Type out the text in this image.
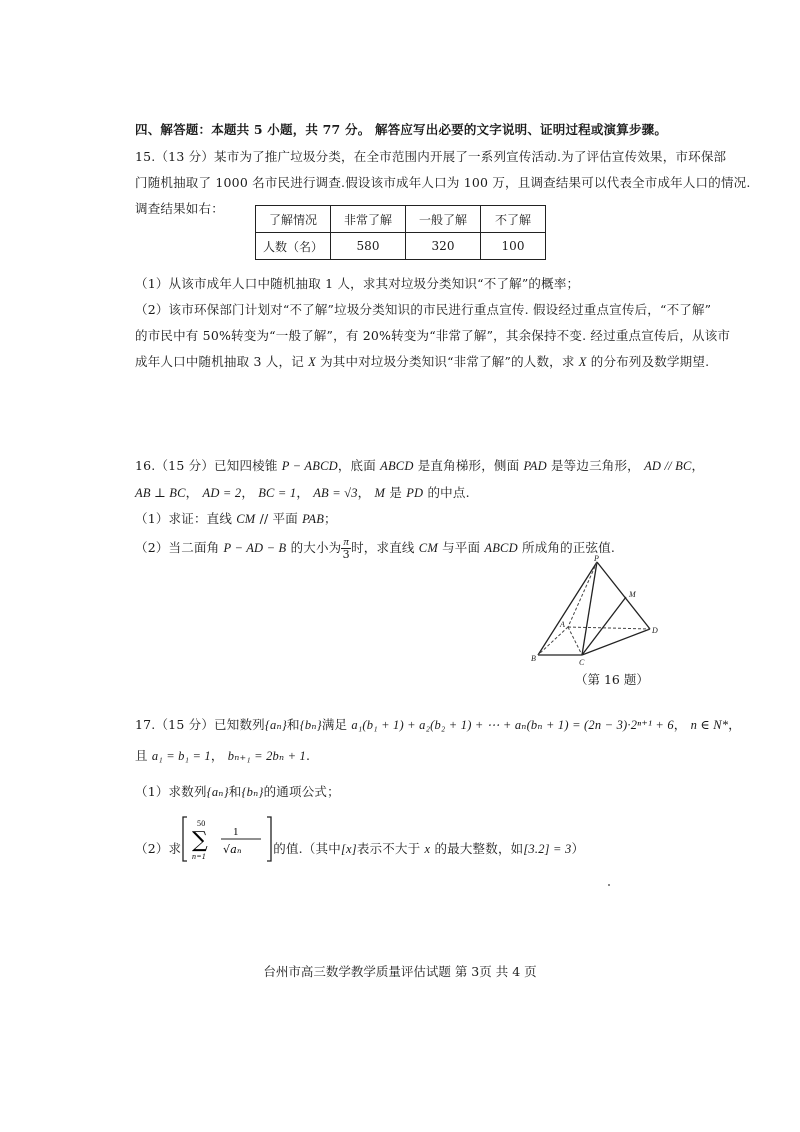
四、解答题：本题共 5 小题，共 77 分。 解答应写出必要的文字说明、证明过程或演算步骤。
15.（13 分）某市为了推广垃圾分类，在全市范围内开展了一系列宣传活动.为了评估宣传效果，市环保部
门随机抽取了 1000 名市民进行调查.假设该市成年人口为 100 万，且调查结果可以代表全市成年人口的情况.
调查结果如右：
了解情况	非常了解	一般了解	不了解
人数（名）	580	320	100
（1）从该市成年人口中随机抽取 1 人，求其对垃圾分类知识“不了解”的概率；
（2）该市环保部门计划对“不了解”垃圾分类知识的市民进行重点宣传. 假设经过重点宣传后，“不了解”
的市民中有 50%转变为“一般了解”，有 20%转变为“非常了解”，其余保持不变. 经过重点宣传后，从该市
成年人口中随机抽取 3 人，记 X 为其中对垃圾分类知识“非常了解”的人数，求 X 的分布列及数学期望.
16.（15 分）已知四棱锥 P − ABCD，底面 ABCD 是直角梯形，侧面 PAD 是等边三角形， AD // BC，
AB ⊥ BC， AD = 2， BC = 1， AB = √3， M 是 PD 的中点.
（1）求证：直线 CM // 平面 PAB；
（2）当二面角 P − AD − B 的大小为 $\frac{\pi}{3}$ 时，求直线 CM 与平面 ABCD 所成角的正弦值.
P
M
A
D
B	C
（第 16 题）
17.（15 分）已知数列{aₙ}和{bₙ}满足 a₁(b₁ + 1) + a₂(b₂ + 1) + ⋯ + aₙ(bₙ + 1) = (2n − 3)·2ⁿ⁺¹ + 6， n ∈ N*，
且 a₁ = b₁ = 1， bₙ₊₁ = 2bₙ + 1.
（1）求数列{aₙ}和{bₙ}的通项公式；
（2）求
50
∑
n=1
1
√aₙ	的值.（其中[x]表示不大于 x 的最大整数，如[3.2] = 3）
台州市高三数学教学质量评估试题 第 3页 共 4 页
